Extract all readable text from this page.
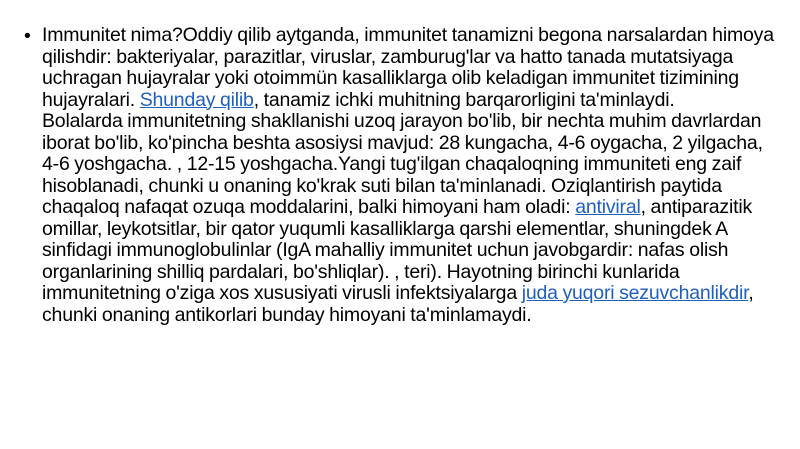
• Immunitet nima?Oddiy qilib aytganda, immunitet tanamizni begona narsalardan himoya qilishdir: bakteriyalar, parazitlar, viruslar, zamburug'lar va hatto tanada mutatsiyaga uchragan hujayralar yoki otoimmün kasalliklarga olib keladigan immunitet tizimining hujayralari. Shunday qilib, tanamiz ichki muhitning barqarorligini ta'minlaydi.
Bolalarda immunitetning shakllanishi uzoq jarayon bo'lib, bir nechta muhim davrlardan iborat bo'lib, ko'pincha beshta asosiysi mavjud: 28 kungacha, 4-6 oygacha, 2 yilgacha, 4-6 yoshgacha. , 12-15 yoshgacha.Yangi tug'ilgan chaqaloqning immuniteti eng zaif hisoblanadi, chunki u onaning ko'krak suti bilan ta'minlanadi. Oziqlantirish paytida chaqaloq nafaqat ozuqa moddalarini, balki himoyani ham oladi: antiviral, antiparazitik omillar, leykotsitlar, bir qator yuqumli kasalliklarga qarshi elementlar, shuningdek A sinfidagi immunoglobulinlar (IgA mahalliy immunitet uchun javobgardir: nafas olish organlarining shilliq pardalari, bo'shliqlar). , teri). Hayotning birinchi kunlarida immunitetning o'ziga xos xususiyati virusli infektsiyalarga juda yuqori sezuvchanlikdir, chunki onaning antikorlari bunday himoyani ta'minlamaydi.
